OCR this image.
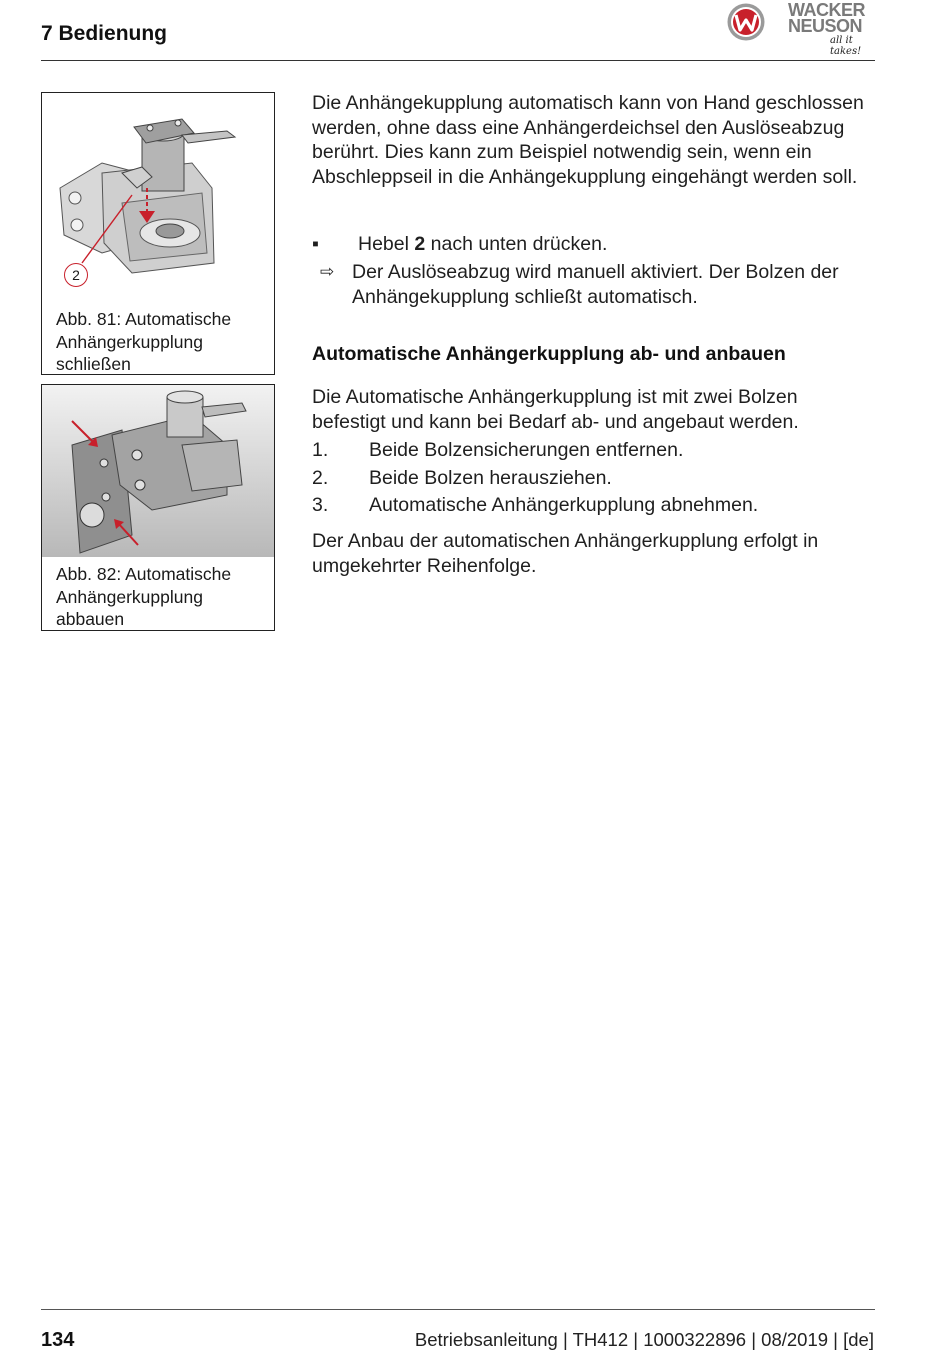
7 Bedienung
WACKER
NEUSON
all it takes!
2
Abb. 81: Automatische Anhängerkupplung schließen
Abb. 82: Automatische Anhängerkupplung abbauen
Die Anhängekupplung automatisch kann von Hand geschlossen werden, ohne dass eine Anhängerdeichsel den Auslöseabzug berührt. Dies kann zum Beispiel notwendig sein, wenn ein Abschleppseil in die Anhängekupplung eingehängt werden soll.
▪ Hebel 2 nach unten drücken.
⇨ Der Auslöseabzug wird manuell aktiviert. Der Bolzen der Anhängekupplung schließt automatisch.
Automatische Anhängerkupplung ab- und anbauen
Die Automatische Anhängerkupplung ist mit zwei Bolzen befestigt und kann bei Bedarf ab- und angebaut werden.
1. Beide Bolzensicherungen entfernen.
2. Beide Bolzen herausziehen.
3. Automatische Anhängerkupplung abnehmen.
Der Anbau der automatischen Anhängerkupplung erfolgt in umgekehrter Reihenfolge.
134	Betriebsanleitung | TH412 | 1000322896 | 08/2019 | [de]
